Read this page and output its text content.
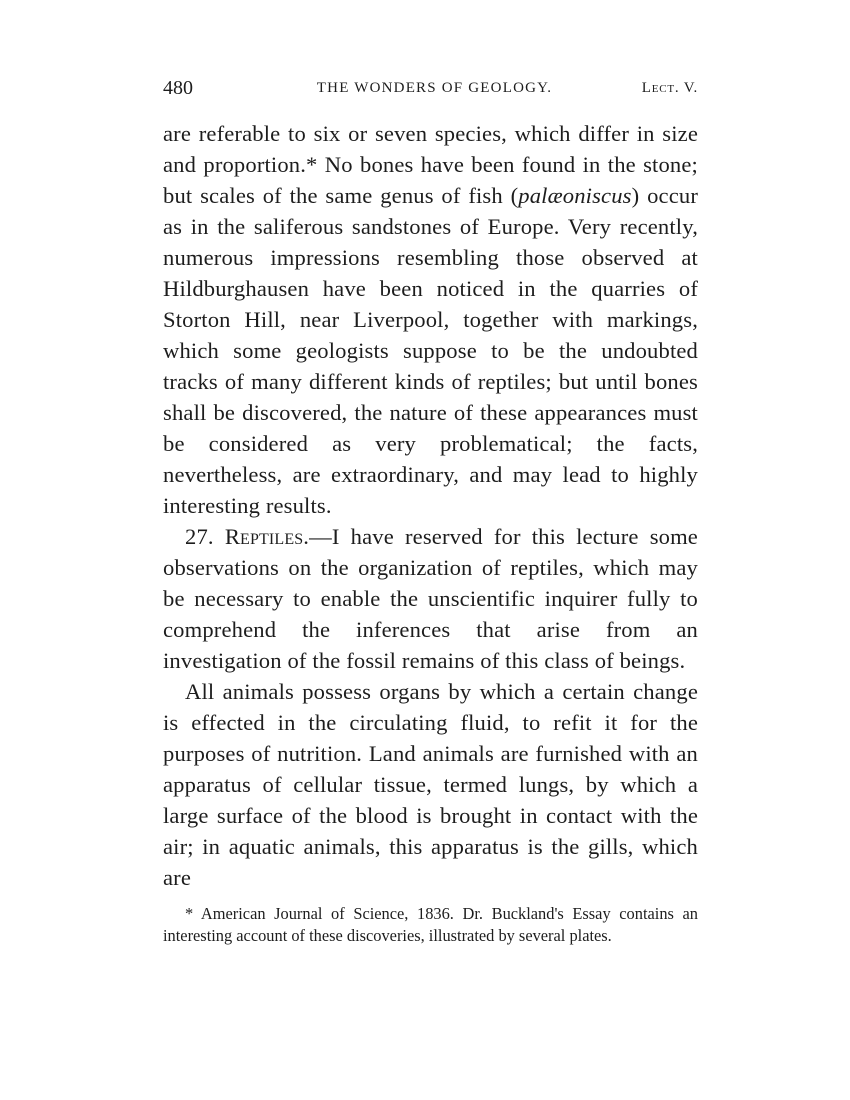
480	THE WONDERS OF GEOLOGY.	Lect. V.

are referable to six or seven species, which differ in size and proportion.* No bones have been found in the stone; but scales of the same genus of fish (palæoniscus) occur as in the saliferous sandstones of Europe. Very recently, numerous impressions resembling those observed at Hildburghausen have been noticed in the quarries of Storton Hill, near Liverpool, together with markings, which some geologists suppose to be the undoubted tracks of many different kinds of reptiles; but until bones shall be discovered, the nature of these appearances must be considered as very problematical; the facts, nevertheless, are extraordinary, and may lead to highly interesting results.

27. Reptiles.—I have reserved for this lecture some observations on the organization of reptiles, which may be necessary to enable the unscientific inquirer fully to comprehend the inferences that arise from an investigation of the fossil remains of this class of beings.

All animals possess organs by which a certain change is effected in the circulating fluid, to refit it for the purposes of nutrition. Land animals are furnished with an apparatus of cellular tissue, termed lungs, by which a large surface of the blood is brought in contact with the air; in aquatic animals, this apparatus is the gills, which are

* American Journal of Science, 1836. Dr. Buckland's Essay contains an interesting account of these discoveries, illustrated by several plates.
